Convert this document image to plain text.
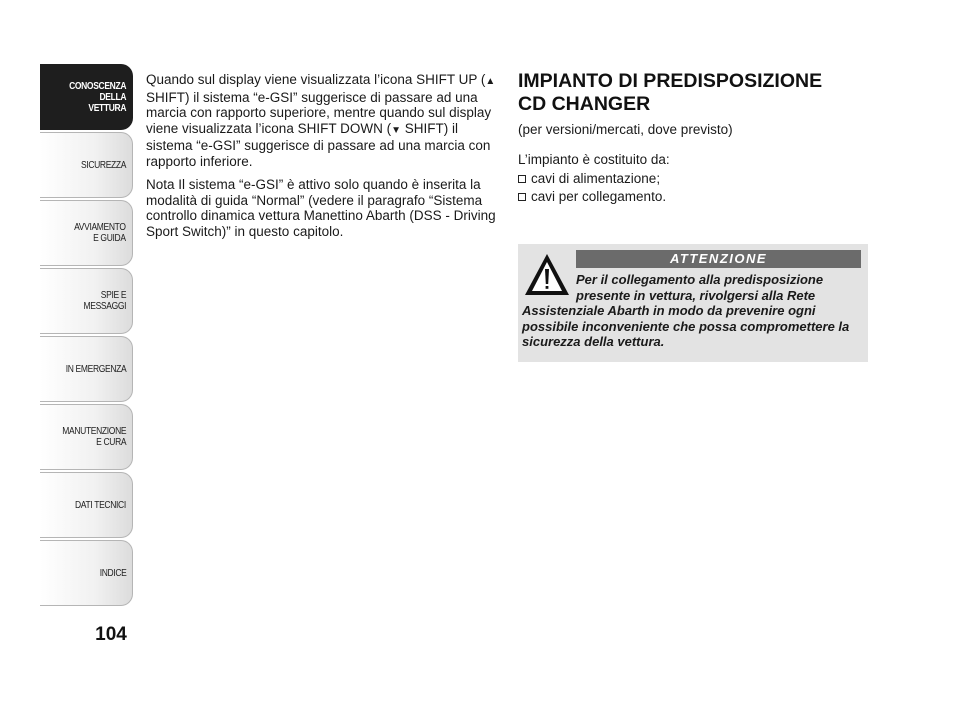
CONOSCENZA
DELLA
VETTURA
SICUREZZA
AVVIAMENTO
E GUIDA
SPIE E
MESSAGGI
IN EMERGENZA
MANUTENZIONE
E CURA
DATI TECNICI
INDICE
104

Quando sul display viene visualizzata l’icona SHIFT UP (▲ SHIFT) il sistema “e-GSI” suggerisce di passare ad una marcia con rapporto superiore, mentre quando sul display viene visualizzata l’icona SHIFT DOWN (▼ SHIFT) il sistema “e-GSI” suggerisce di passare ad una marcia con rapporto inferiore.

Nota Il sistema “e-GSI” è attivo solo quando è inserita la modalità di guida “Normal” (vedere il paragrafo “Sistema controllo dinamica vettura Manettino Abarth (DSS - Driving Sport Switch)” in questo capitolo.

IMPIANTO DI PREDISPOSIZIONE
CD CHANGER

(per versioni/mercati, dove previsto)

L’impianto è costituito da:

cavi di alimentazione;
cavi per collegamento.
ATTENZIONE

Per il collegamento alla predisposizione presente in vettura, rivolgersi alla Rete Assistenziale Abarth in modo da prevenire ogni possibile inconveniente che possa compromettere la sicurezza della vettura.
